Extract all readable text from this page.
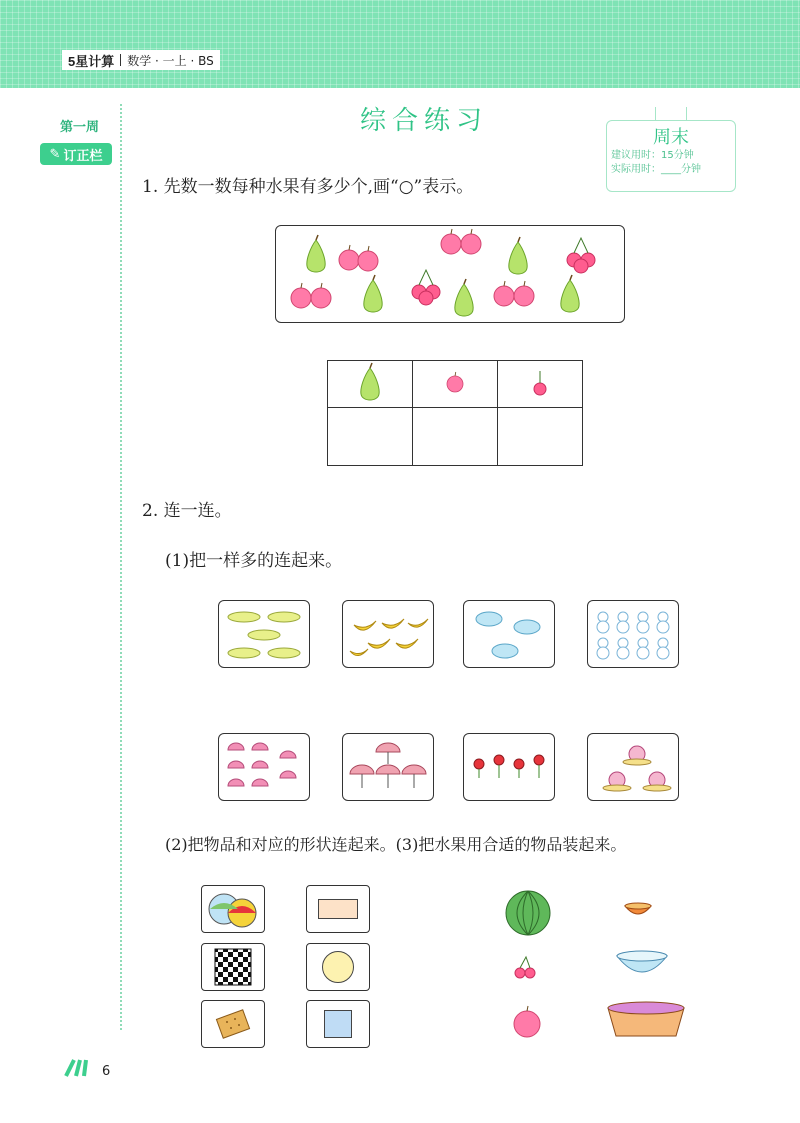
5星计算 数学 · 一上 · BS
第一周
✎ 订正栏
综合练习
周末
建议用时：15分钟
实际用时：____分钟
1. 先数一数每种水果有多少个,画“○”表示。

2. 连一连。
(1)把一样多的连起来。
(2)把物品和对应的形状连起来。(3)把水果用合适的物品装起来。
6
